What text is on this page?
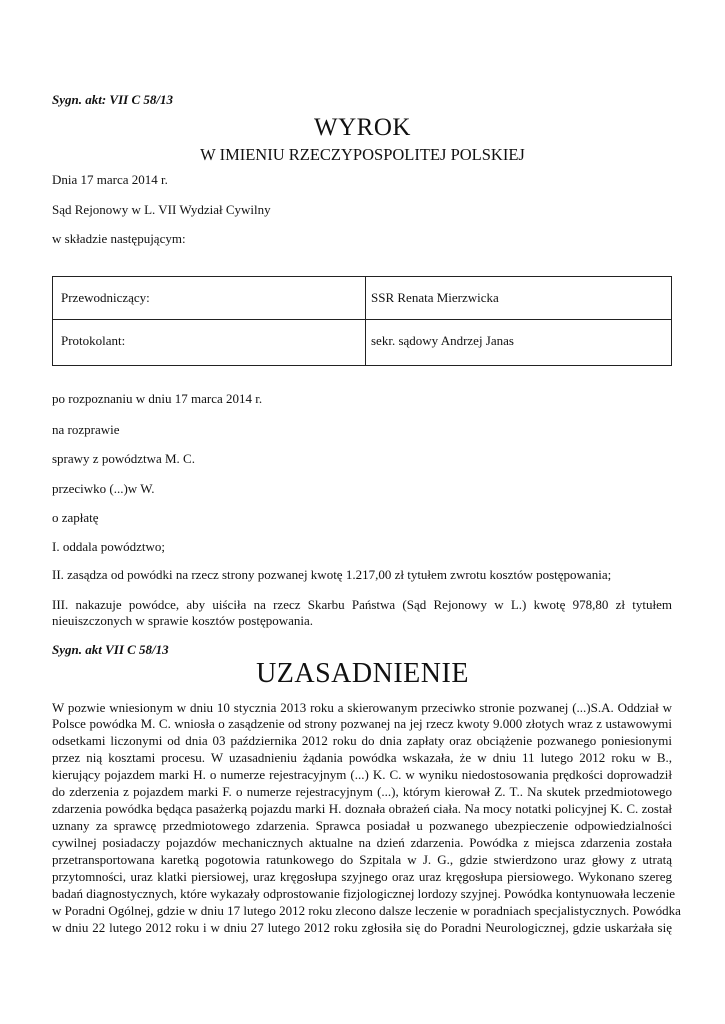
Sygn. akt: VII C 58/13
WYROK
W IMIENIU RZECZYPOSPOLITEJ POLSKIEJ
Dnia 17 marca 2014 r.
Sąd Rejonowy w L. VII Wydział Cywilny
w składzie następującym:
Przewodniczący:	SSR Renata Mierzwicka
Protokolant:	sekr. sądowy Andrzej Janas
po rozpoznaniu w dniu 17 marca 2014 r.
na rozprawie
sprawy z powództwa M. C.
przeciwko (...)w W.
o zapłatę
I. oddala powództwo;
II. zasądza od powódki na rzecz strony pozwanej kwotę 1.217,00 zł tytułem zwrotu kosztów postępowania;
III. nakazuje powódce, aby uiściła na rzecz Skarbu Państwa (Sąd Rejonowy w L.) kwotę 978,80 zł tytułem
nieuiszczonych w sprawie kosztów postępowania.
Sygn. akt VII C 58/13
UZASADNIENIE
W pozwie wniesionym w dniu 10 stycznia 2013 roku a skierowanym przeciwko stronie pozwanej (...)S.A. Oddział w
Polsce powódka M. C. wniosła o zasądzenie od strony pozwanej na jej rzecz kwoty 9.000 złotych wraz z ustawowymi
odsetkami liczonymi od dnia 03 października 2012 roku do dnia zapłaty oraz obciążenie pozwanego poniesionymi
przez nią kosztami procesu. W uzasadnieniu żądania powódka wskazała, że w dniu 11 lutego 2012 roku w B.,
kierujący pojazdem marki H. o numerze rejestracyjnym (...) K. C. w wyniku niedostosowania prędkości doprowadził
do zderzenia z pojazdem marki F. o numerze rejestracyjnym (...), którym kierował Z. T.. Na skutek przedmiotowego
zdarzenia powódka będąca pasażerką pojazdu marki H. doznała obrażeń ciała. Na mocy notatki policyjnej K. C. został
uznany za sprawcę przedmiotowego zdarzenia. Sprawca posiadał u pozwanego ubezpieczenie odpowiedzialności
cywilnej posiadaczy pojazdów mechanicznych aktualne na dzień zdarzenia. Powódka z miejsca zdarzenia została
przetransportowana karetką pogotowia ratunkowego do Szpitala w J. G., gdzie stwierdzono uraz głowy z utratą
przytomności, uraz klatki piersiowej, uraz kręgosłupa szyjnego oraz uraz kręgosłupa piersiowego. Wykonano szereg
badań diagnostycznych, które wykazały odprostowanie fizjologicznej lordozy szyjnej. Powódka kontynuowała leczenie
w Poradni Ogólnej, gdzie w dniu 17 lutego 2012 roku zlecono dalsze leczenie w poradniach specjalistycznych. Powódka
w dniu 22 lutego 2012 roku i w dniu 27 lutego 2012 roku zgłosiła się do Poradni Neurologicznej, gdzie uskarżała się
